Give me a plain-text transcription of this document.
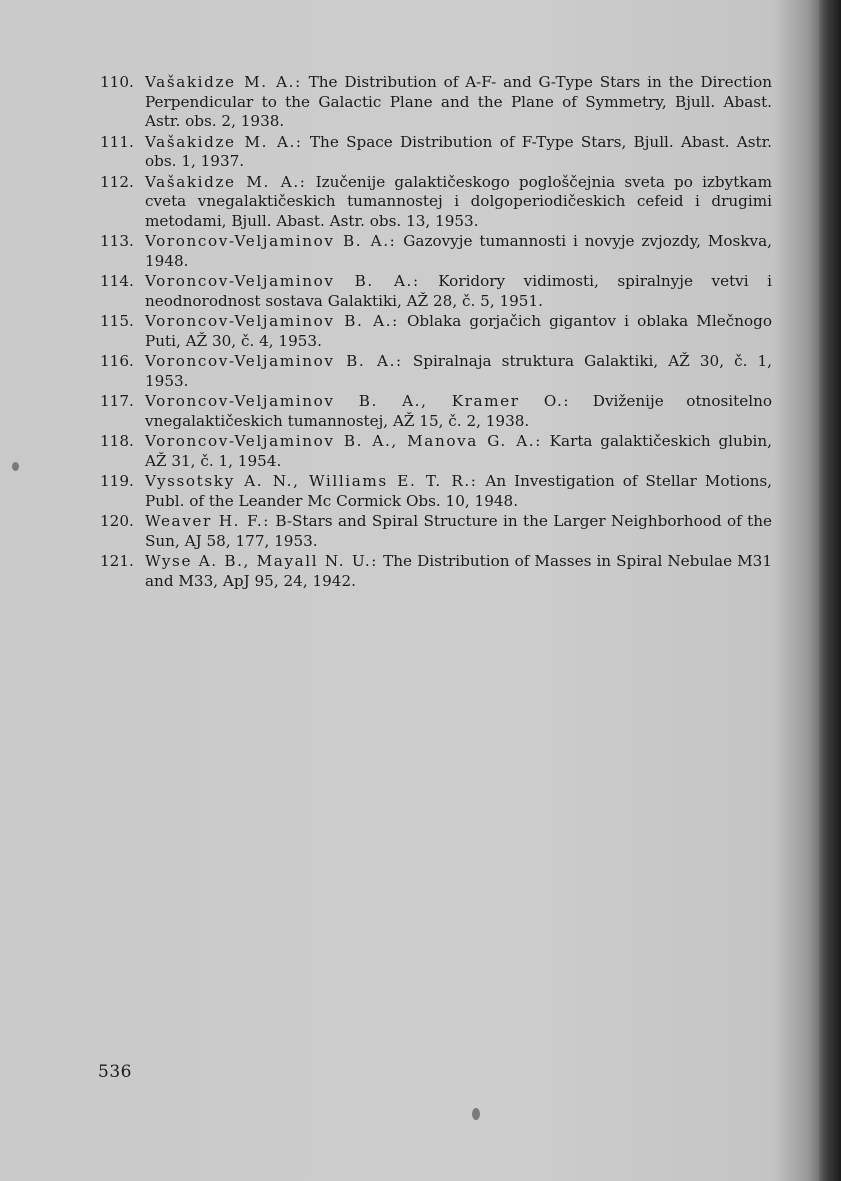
110. Vašakidze M. A.: The Distribution of A-F- and G-Type Stars in the Direction Perpendicular to the Galactic Plane and the Plane of Symmetry, Bjull. Abast. Astr. obs. 2, 1938.
111. Vašakidze M. A.: The Space Distribution of F-Type Stars, Bjull. Abast. Astr. obs. 1, 1937.
112. Vašakidze M. A.: Izučenije galaktičeskogo pogloščejnia sveta po izbytkam cveta vnegalaktičeskich tumannostej i dolgoperiodičeskich cefeid i drugimi metodami, Bjull. Abast. Astr. obs. 13, 1953.
113. Voroncov-Veljaminov B. A.: Gazovyje tumannosti i novyje zvjozdy, Moskva, 1948.
114. Voroncov-Veljaminov B. A.: Koridory vidimosti, spiralnyje vetvi i neodnorodnost sostava Galaktiki, AŽ 28, č. 5, 1951.
115. Voroncov-Veljaminov B. A.: Oblaka gorjačich gigantov i oblaka Mlečnogo Puti, AŽ 30, č. 4, 1953.
116. Voroncov-Veljaminov B. A.: Spiralnaja struktura Galaktiki, AŽ 30, č. 1, 1953.
117. Voroncov-Veljaminov B. A., Kramer O.: Dviženije otnositelno vnegalaktičeskich tumannostej, AŽ 15, č. 2, 1938.
118. Voroncov-Veljaminov B. A., Manova G. A.: Karta galaktičeskich glubin, AŽ 31, č. 1, 1954.
119. Vyssotsky A. N., Williams E. T. R.: An Investigation of Stellar Motions, Publ. of the Leander Mc Cormick Obs. 10, 1948.
120. Weaver H. F.: B-Stars and Spiral Structure in the Larger Neighborhood of the Sun, AJ 58, 177, 1953.
121. Wyse A. B., Mayall N. U.: The Distribution of Masses in Spiral Nebulae M31 and M33, ApJ 95, 24, 1942.
536
